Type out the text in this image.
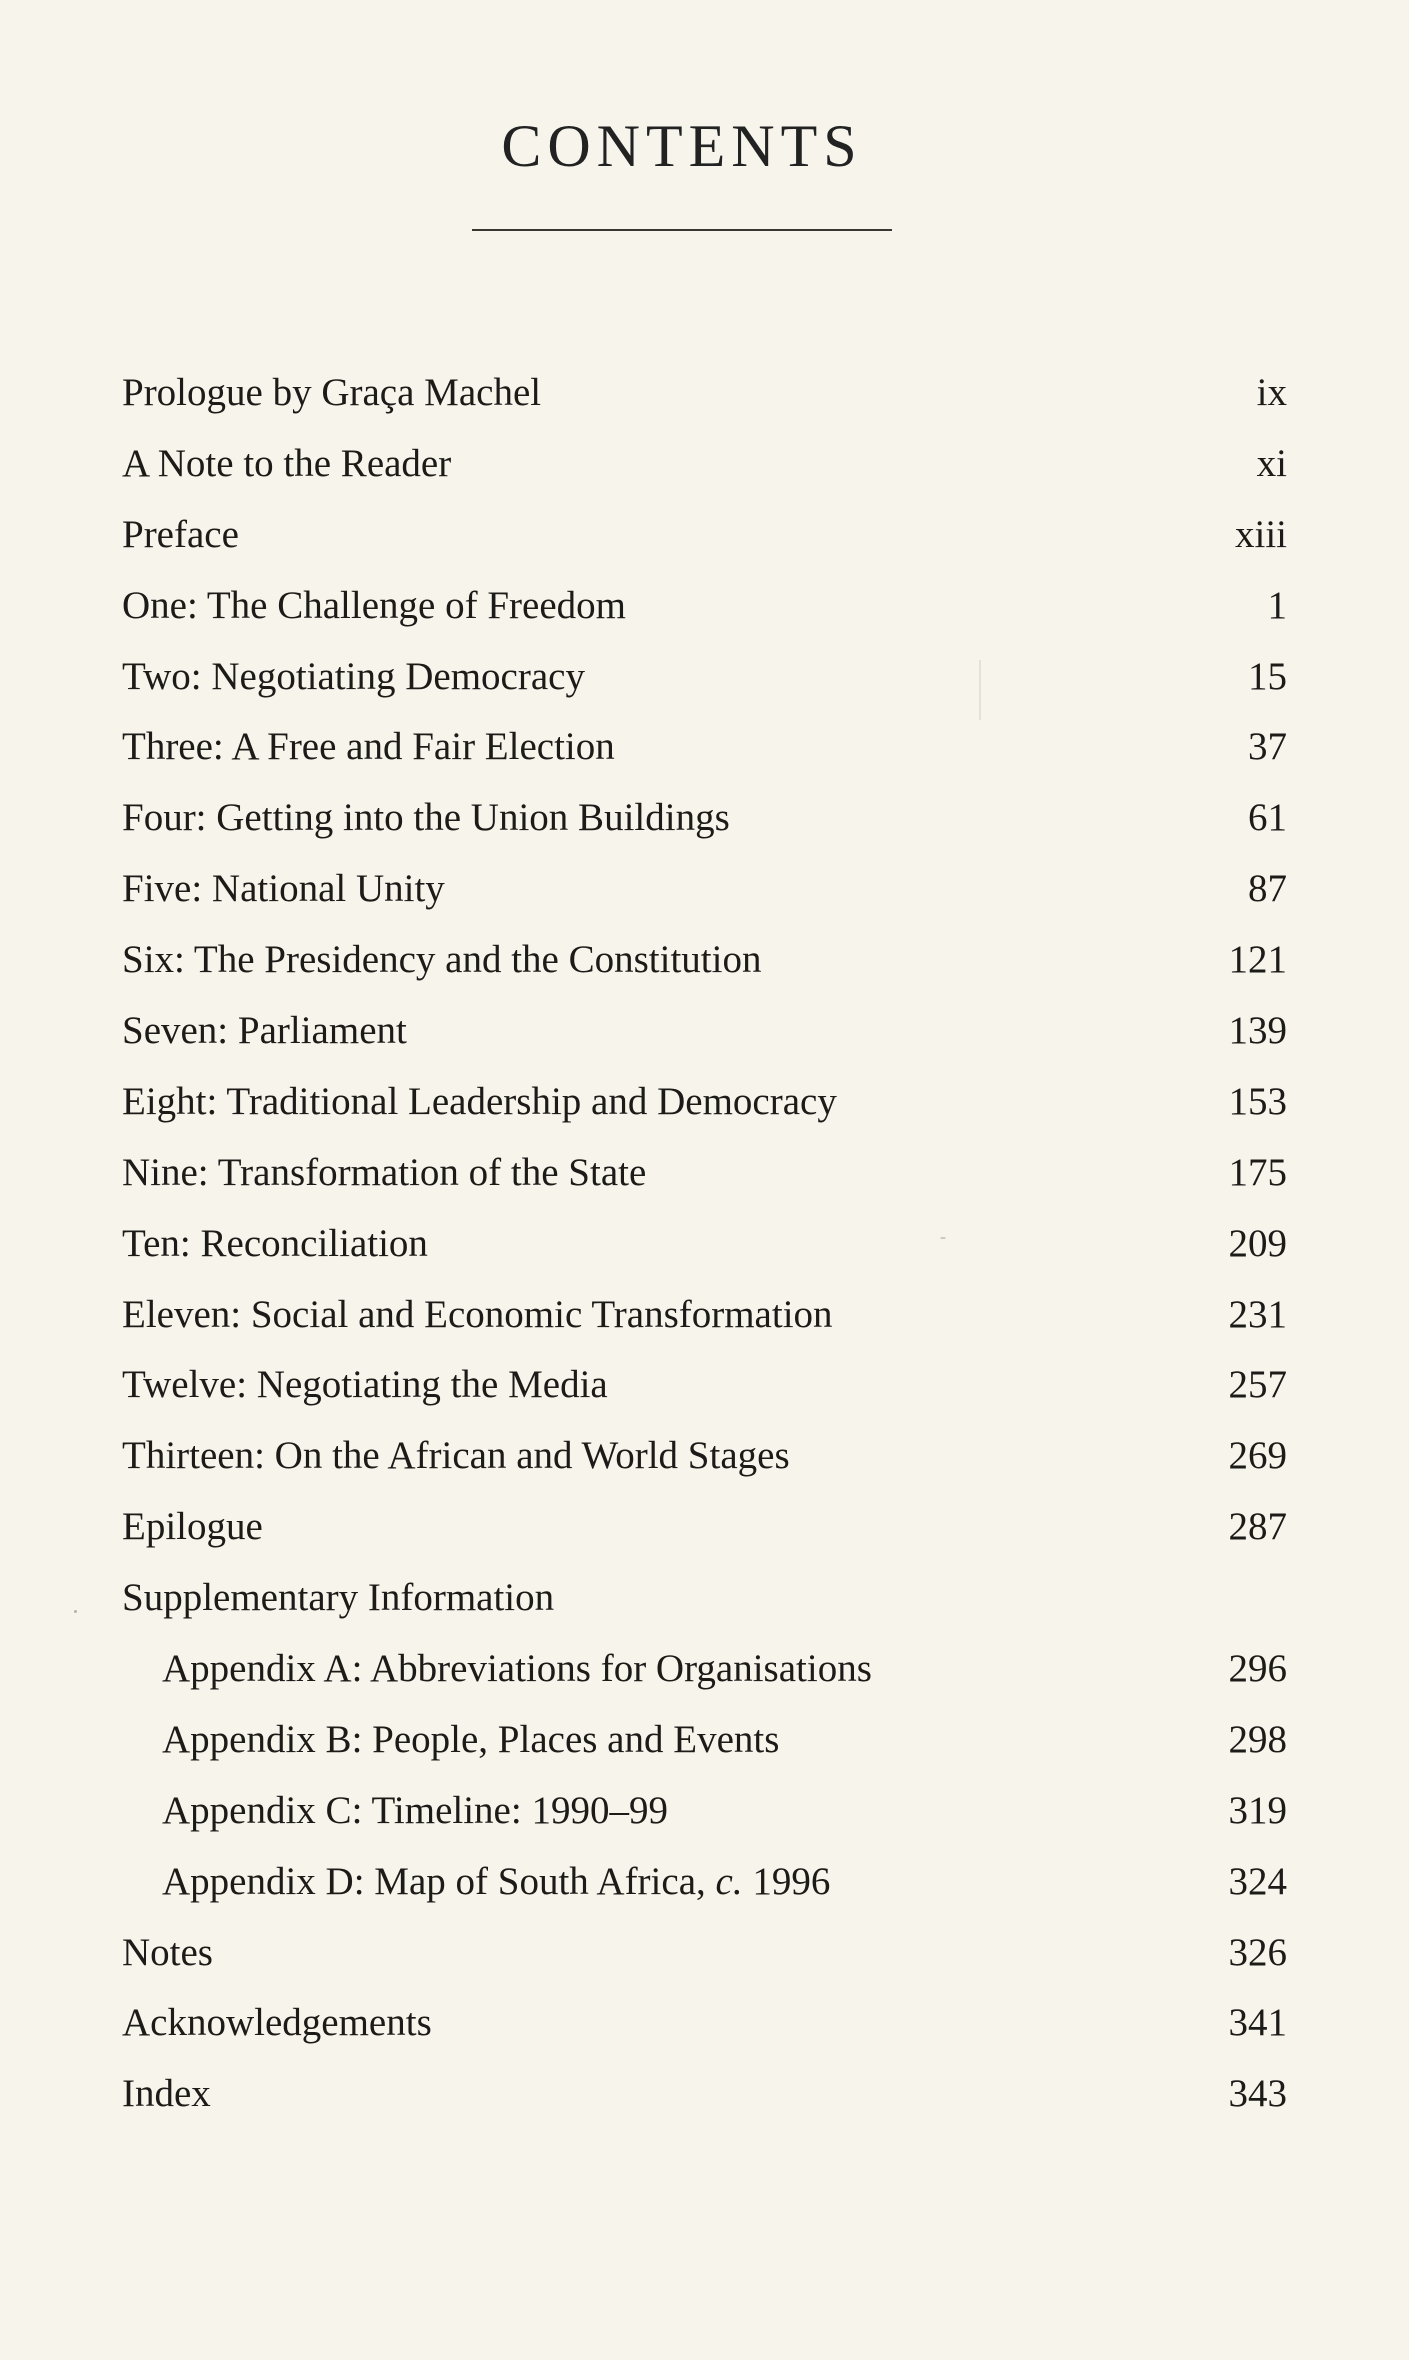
CONTENTS
Prologue by Graça Machel	ix
A Note to the Reader	xi
Preface	xiii
One: The Challenge of Freedom	1
Two: Negotiating Democracy	15
Three: A Free and Fair Election	37
Four: Getting into the Union Buildings	61
Five: National Unity	87
Six: The Presidency and the Constitution	121
Seven: Parliament	139
Eight: Traditional Leadership and Democracy	153
Nine: Transformation of the State	175
Ten: Reconciliation	209
Eleven: Social and Economic Transformation	231
Twelve: Negotiating the Media	257
Thirteen: On the African and World Stages	269
Epilogue	287
Supplementary Information
Appendix A: Abbreviations for Organisations	296
Appendix B: People, Places and Events	298
Appendix C: Timeline: 1990–99	319
Appendix D: Map of South Africa, c. 1996	324
Notes	326
Acknowledgements	341
Index	343
